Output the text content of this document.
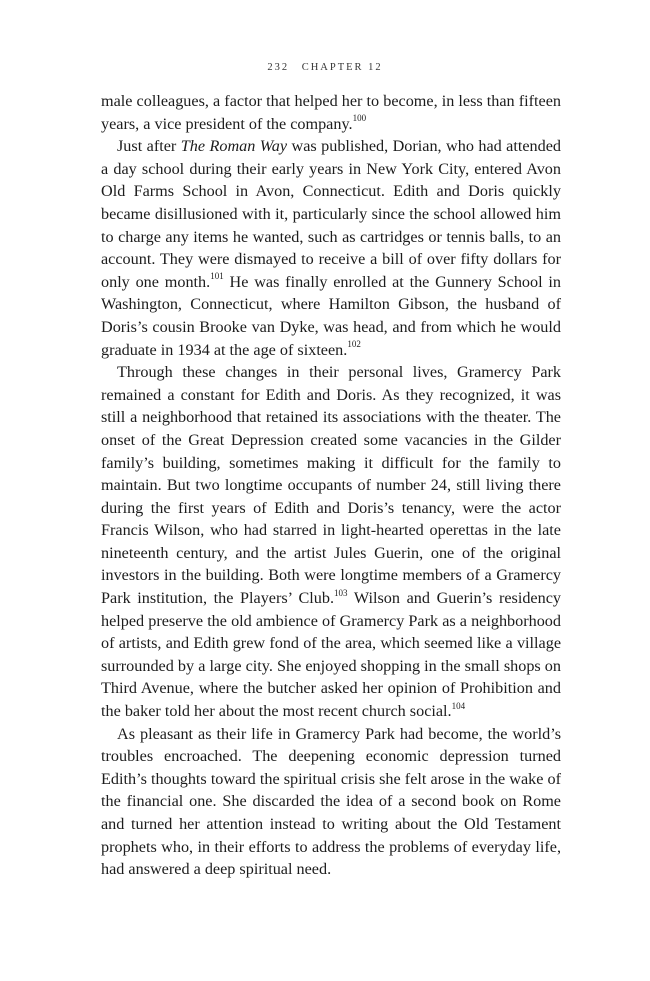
232 CHAPTER 12

male colleagues, a factor that helped her to become, in less than fifteen years, a vice president of the company.$^{100}$

Just after The Roman Way was published, Dorian, who had attended a day school during their early years in New York City, entered Avon Old Farms School in Avon, Connecticut. Edith and Doris quickly became disillusioned with it, particularly since the school allowed him to charge any items he wanted, such as cartridges or tennis balls, to an account. They were dismayed to receive a bill of over fifty dollars for only one month.$^{101}$ He was finally enrolled at the Gunnery School in Washington, Connecticut, where Hamilton Gibson, the husband of Doris’s cousin Brooke van Dyke, was head, and from which he would graduate in 1934 at the age of sixteen.$^{102}$

Through these changes in their personal lives, Gramercy Park remained a constant for Edith and Doris. As they recognized, it was still a neighborhood that retained its associations with the theater. The onset of the Great Depression created some vacancies in the Gilder family’s building, sometimes making it difficult for the family to maintain. But two longtime occupants of number 24, still living there during the first years of Edith and Doris’s tenancy, were the actor Francis Wilson, who had starred in light-hearted operettas in the late nineteenth century, and the artist Jules Guerin, one of the original investors in the building. Both were longtime members of a Gramercy Park institution, the Players’ Club.$^{103}$ Wilson and Guerin’s residency helped preserve the old ambience of Gramercy Park as a neighborhood of artists, and Edith grew fond of the area, which seemed like a village surrounded by a large city. She enjoyed shopping in the small shops on Third Avenue, where the butcher asked her opinion of Prohibition and the baker told her about the most recent church social.$^{104}$

As pleasant as their life in Gramercy Park had become, the world’s troubles encroached. The deepening economic depression turned Edith’s thoughts toward the spiritual crisis she felt arose in the wake of the financial one. She discarded the idea of a second book on Rome and turned her attention instead to writing about the Old Testament prophets who, in their efforts to address the problems of everyday life, had answered a deep spiritual need.
